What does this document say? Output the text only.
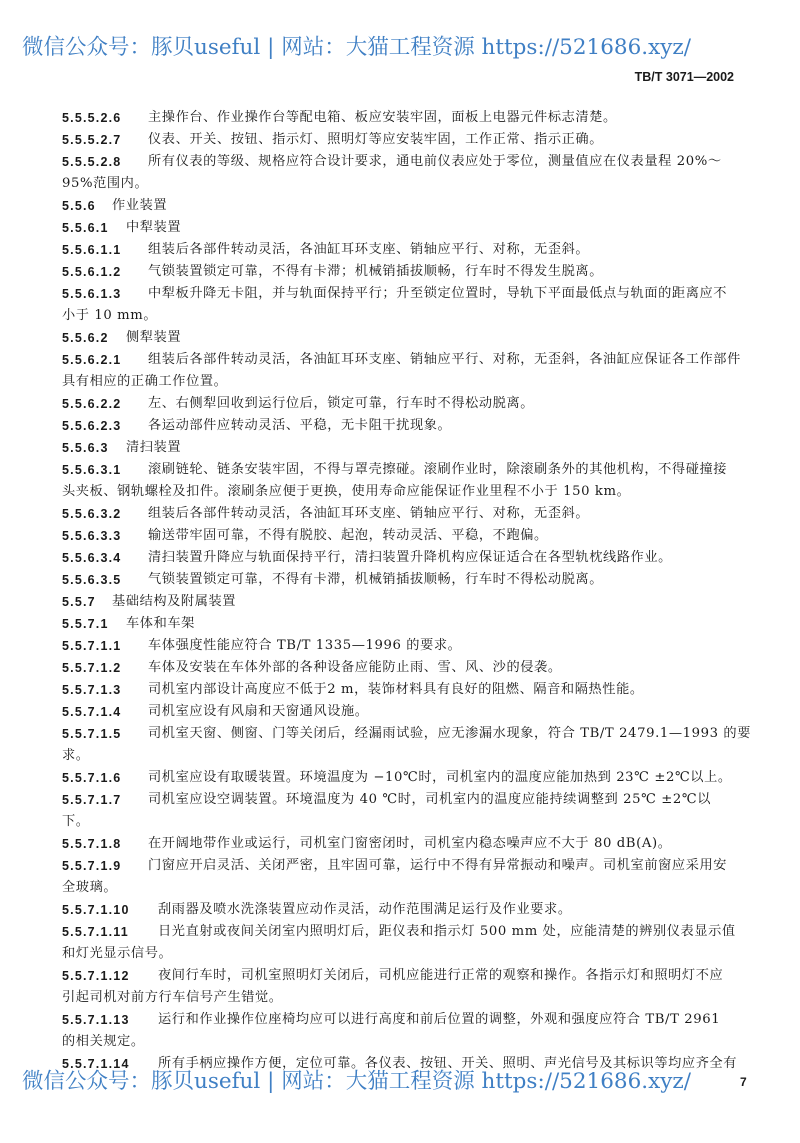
微信公众号：豚贝useful | 网站：大猫工程资源 https://521686.xyz/
TB/T 3071—2002
5.5.5.2.6	主操作台、作业操作台等配电箱、板应安装牢固，面板上电器元件标志清楚。
5.5.5.2.7	仪表、开关、按钮、指示灯、照明灯等应安装牢固，工作正常、指示正确。
5.5.5.2.8	所有仪表的等级、规格应符合设计要求，通电前仪表应处于零位，测量值应在仪表量程 20%～
95%范围内。
5.5.6	作业装置
5.5.6.1	中犁装置
5.5.6.1.1	组装后各部件转动灵活，各油缸耳环支座、销轴应平行、对称，无歪斜。
5.5.6.1.2	气锁装置锁定可靠，不得有卡滞；机械销插拔顺畅，行车时不得发生脱离。
5.5.6.1.3	中犁板升降无卡阻，并与轨面保持平行；升至锁定位置时，导轨下平面最低点与轨面的距离应不
小于 10 mm。
5.5.6.2	侧犁装置
5.5.6.2.1	组装后各部件转动灵活，各油缸耳环支座、销轴应平行、对称，无歪斜，各油缸应保证各工作部件
具有相应的正确工作位置。
5.5.6.2.2	左、右侧犁回收到运行位后，锁定可靠，行车时不得松动脱离。
5.5.6.2.3	各运动部件应转动灵活、平稳，无卡阻干扰现象。
5.5.6.3	清扫装置
5.5.6.3.1	滚刷链轮、链条安装牢固，不得与罩壳擦碰。滚刷作业时，除滚刷条外的其他机构，不得碰撞接
头夹板、钢轨螺栓及扣件。滚刷条应便于更换，使用寿命应能保证作业里程不小于 150 km。
5.5.6.3.2	组装后各部件转动灵活，各油缸耳环支座、销轴应平行、对称，无歪斜。
5.5.6.3.3	输送带牢固可靠，不得有脱胶、起泡，转动灵活、平稳，不跑偏。
5.5.6.3.4	清扫装置升降应与轨面保持平行，清扫装置升降机构应保证适合在各型轨枕线路作业。
5.5.6.3.5	气锁装置锁定可靠，不得有卡滞，机械销插拔顺畅，行车时不得松动脱离。
5.5.7	基础结构及附属装置
5.5.7.1	车体和车架
5.5.7.1.1	车体强度性能应符合 TB/T 1335—1996 的要求。
5.5.7.1.2	车体及安装在车体外部的各种设备应能防止雨、雪、风、沙的侵袭。
5.5.7.1.3	司机室内部设计高度应不低于2 m，装饰材料具有良好的阻燃、隔音和隔热性能。
5.5.7.1.4	司机室应设有风扇和天窗通风设施。
5.5.7.1.5	司机室天窗、侧窗、门等关闭后，经漏雨试验，应无渗漏水现象，符合 TB/T 2479.1—1993 的要
求。
5.5.7.1.6	司机室应设有取暖装置。环境温度为 −10℃时，司机室内的温度应能加热到 23℃ ±2℃以上。
5.5.7.1.7	司机室应设空调装置。环境温度为 40 ℃时，司机室内的温度应能持续调整到 25℃ ±2℃以
下。
5.5.7.1.8	在开阔地带作业或运行，司机室门窗密闭时，司机室内稳态噪声应不大于 80 dB(A)。
5.5.7.1.9	门窗应开启灵活、关闭严密，且牢固可靠，运行中不得有异常振动和噪声。司机室前窗应采用安
全玻璃。
5.5.7.1.10	刮雨器及喷水洗涤装置应动作灵活，动作范围满足运行及作业要求。
5.5.7.1.11	日光直射或夜间关闭室内照明灯后，距仪表和指示灯 500 mm 处，应能清楚的辨别仪表显示值
和灯光显示信号。
5.5.7.1.12	夜间行车时，司机室照明灯关闭后，司机应能进行正常的观察和操作。各指示灯和照明灯不应
引起司机对前方行车信号产生错觉。
5.5.7.1.13	运行和作业操作位座椅均应可以进行高度和前后位置的调整，外观和强度应符合 TB/T 2961
的相关规定。
5.5.7.1.14	所有手柄应操作方便，定位可靠。各仪表、按钮、开关、照明、声光信号及其标识等均应齐全有
微信公众号：豚贝useful | 网站：大猫工程资源 https://521686.xyz/	7
